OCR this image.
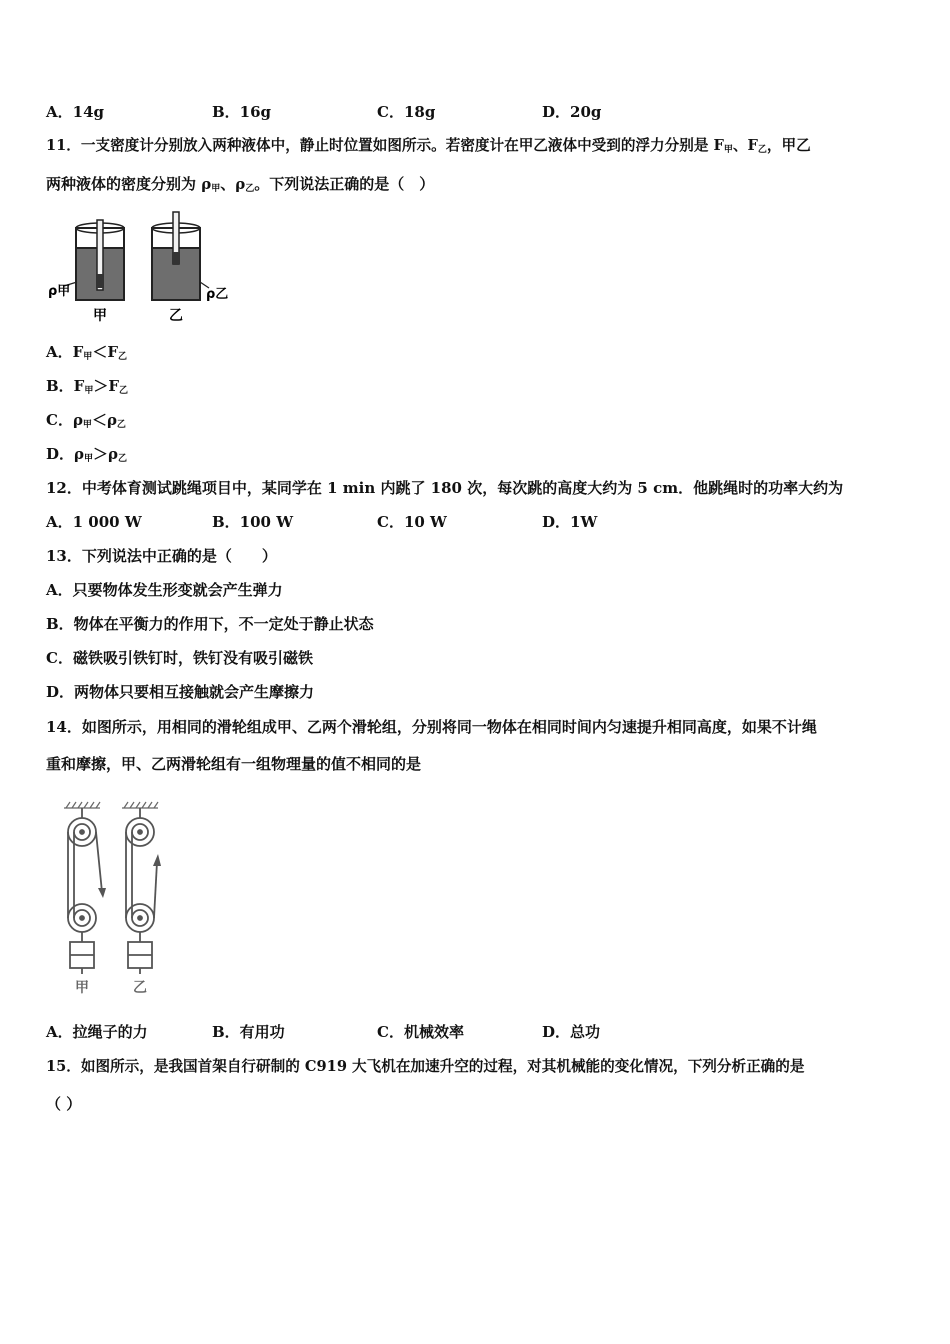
A．14g	B．16g	C．18g	D．20g
11．一支密度计分别放入两种液体中，静止时位置如图所示。若密度计在甲乙液体中受到的浮力分别是 $F_甲$、$F_乙$，甲乙
两种液体的密度分别为 $\rho_甲$、$\rho_乙$。下列说法正确的是（　）
ρ甲	ρ乙
甲	乙
A．$F_甲<F_乙$
B．$F_甲>F_乙$
C．$\rho_甲<\rho_乙$
D．$\rho_甲>\rho_乙$
12．中考体育测试跳绳项目中，某同学在 1 min 内跳了 180 次，每次跳的高度大约为 5 cm．他跳绳时的功率大约为
A．1 000 W	B．100 W	C．10 W	D．1W
13．下列说法中正确的是（　　）
A．只要物体发生形变就会产生弹力
B．物体在平衡力的作用下，不一定处于静止状态
C．磁铁吸引铁钉时，铁钉没有吸引磁铁
D．两物体只要相互接触就会产生摩擦力
14．如图所示，用相同的滑轮组成甲、乙两个滑轮组，分别将同一物体在相同时间内匀速提升相同高度，如果不计绳
重和摩擦，甲、乙两滑轮组有一组物理量的值不相同的是
甲	乙
A．拉绳子的力	B．有用功	C．机械效率	D．总功
15．如图所示，是我国首架自行研制的 C919 大飞机在加速升空的过程，对其机械能的变化情况，下列分析正确的是
（ ）
